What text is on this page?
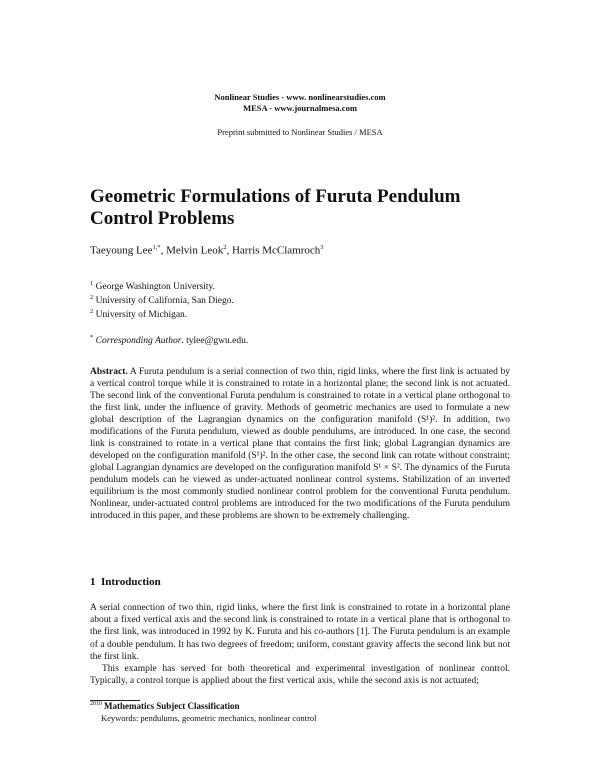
Nonlinear Studies - www. nonlinearstudies.com
MESA - www.journalmesa.com
Preprint submitted to Nonlinear Studies / MESA
Geometric Formulations of Furuta Pendulum Control Problems
Taeyoung Lee$^{1,*}$, Melvin Leok$^2$, Harris McClamroch$^3$
$^1$ George Washington University.
$^2$ University of California, San Diego.
$^2$ University of Michigan.
* Corresponding Author. tylee@gwu.edu.
Abstract. A Furuta pendulum is a serial connection of two thin, rigid links, where the first link is actuated by a vertical control torque while it is constrained to rotate in a horizontal plane; the second link is not actuated. The second link of the conventional Furuta pendulum is constrained to rotate in a vertical plane orthogonal to the first link, under the influence of gravity. Methods of geometric mechanics are used to formulate a new global description of the Lagrangian dynamics on the configuration manifold (S¹)². In addition, two modifications of the Furuta pendulum, viewed as double pendulums, are introduced. In one case, the second link is constrained to rotate in a vertical plane that contains the first link; global Lagrangian dynamics are developed on the configuration manifold (S¹)². In the other case, the second link can rotate without constraint; global Lagrangian dynamics are developed on the configuration manifold S¹ × S². The dynamics of the Furuta pendulum models can be viewed as under-actuated nonlinear control systems. Stabilization of an inverted equilibrium is the most commonly studied nonlinear control problem for the conventional Furuta pendulum. Nonlinear, under-actuated control problems are introduced for the two modifications of the Furuta pendulum introduced in this paper, and these problems are shown to be extremely challenging.
1 Introduction

A serial connection of two thin, rigid links, where the first link is constrained to rotate in a horizontal plane about a fixed vertical axis and the second link is constrained to rotate in a vertical plane that is orthogonal to the first link, was introduced in 1992 by K. Furuta and his co-authors [1]. The Furuta pendulum is an example of a double pendulum. It has two degrees of freedom; uniform, constant gravity affects the second link but not the first link.

This example has served for both theoretical and experimental investigation of nonlinear control. Typically, a control torque is applied about the first vertical axis, while the second axis is not actuated;

$^{2010}$ Mathematics Subject Classification
Keywords: pendulums, geometric mechanics, nonlinear control
